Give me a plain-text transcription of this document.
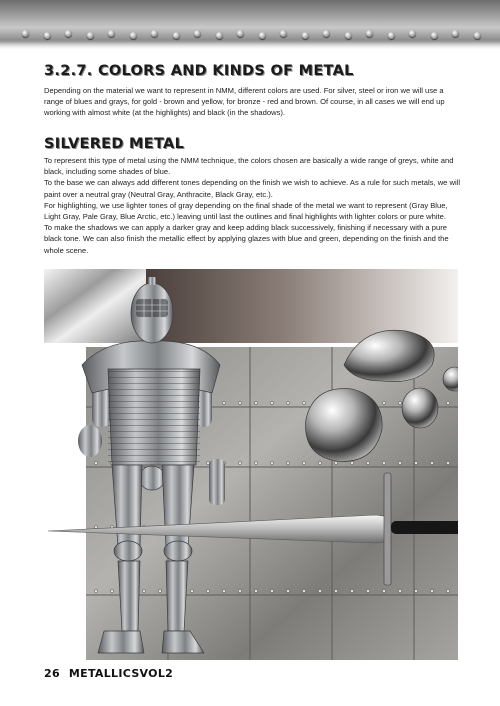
3.2.7. COLORS AND KINDS OF METAL

Depending on the material we want to represent in NMM, different colors are used. For silver, steel or iron we will use a range of blues and grays, for gold - brown and yellow, for bronze - red and brown. Of course, in all cases we will end up working with almost white (at the highlights) and black (in the shadows).

SILVERED METAL
To represent this type of metal using the NMM technique, the colors chosen are basically a wide range of greys, white and black, including some shades of blue.
To the base we can always add different tones depending on the finish we wish to achieve. As a rule for such metals, we will paint over a neutral gray (Neutral Gray, Anthracite, Black Gray, etc.).
For highlighting, we use lighter tones of gray depending on the final shade of the metal we want to represent (Gray Blue, Light Gray, Pale Gray, Blue Arctic, etc.) leaving until last the outlines and final highlights with lighter colors or pure white.
To make the shadows we can apply a darker gray and keep adding black successively, finishing if necessary with a pure black tone. We can also finish the metallic effect by applying glazes with blue and green, depending on the finish and the whole scene.

26 METALLICSVOL2
